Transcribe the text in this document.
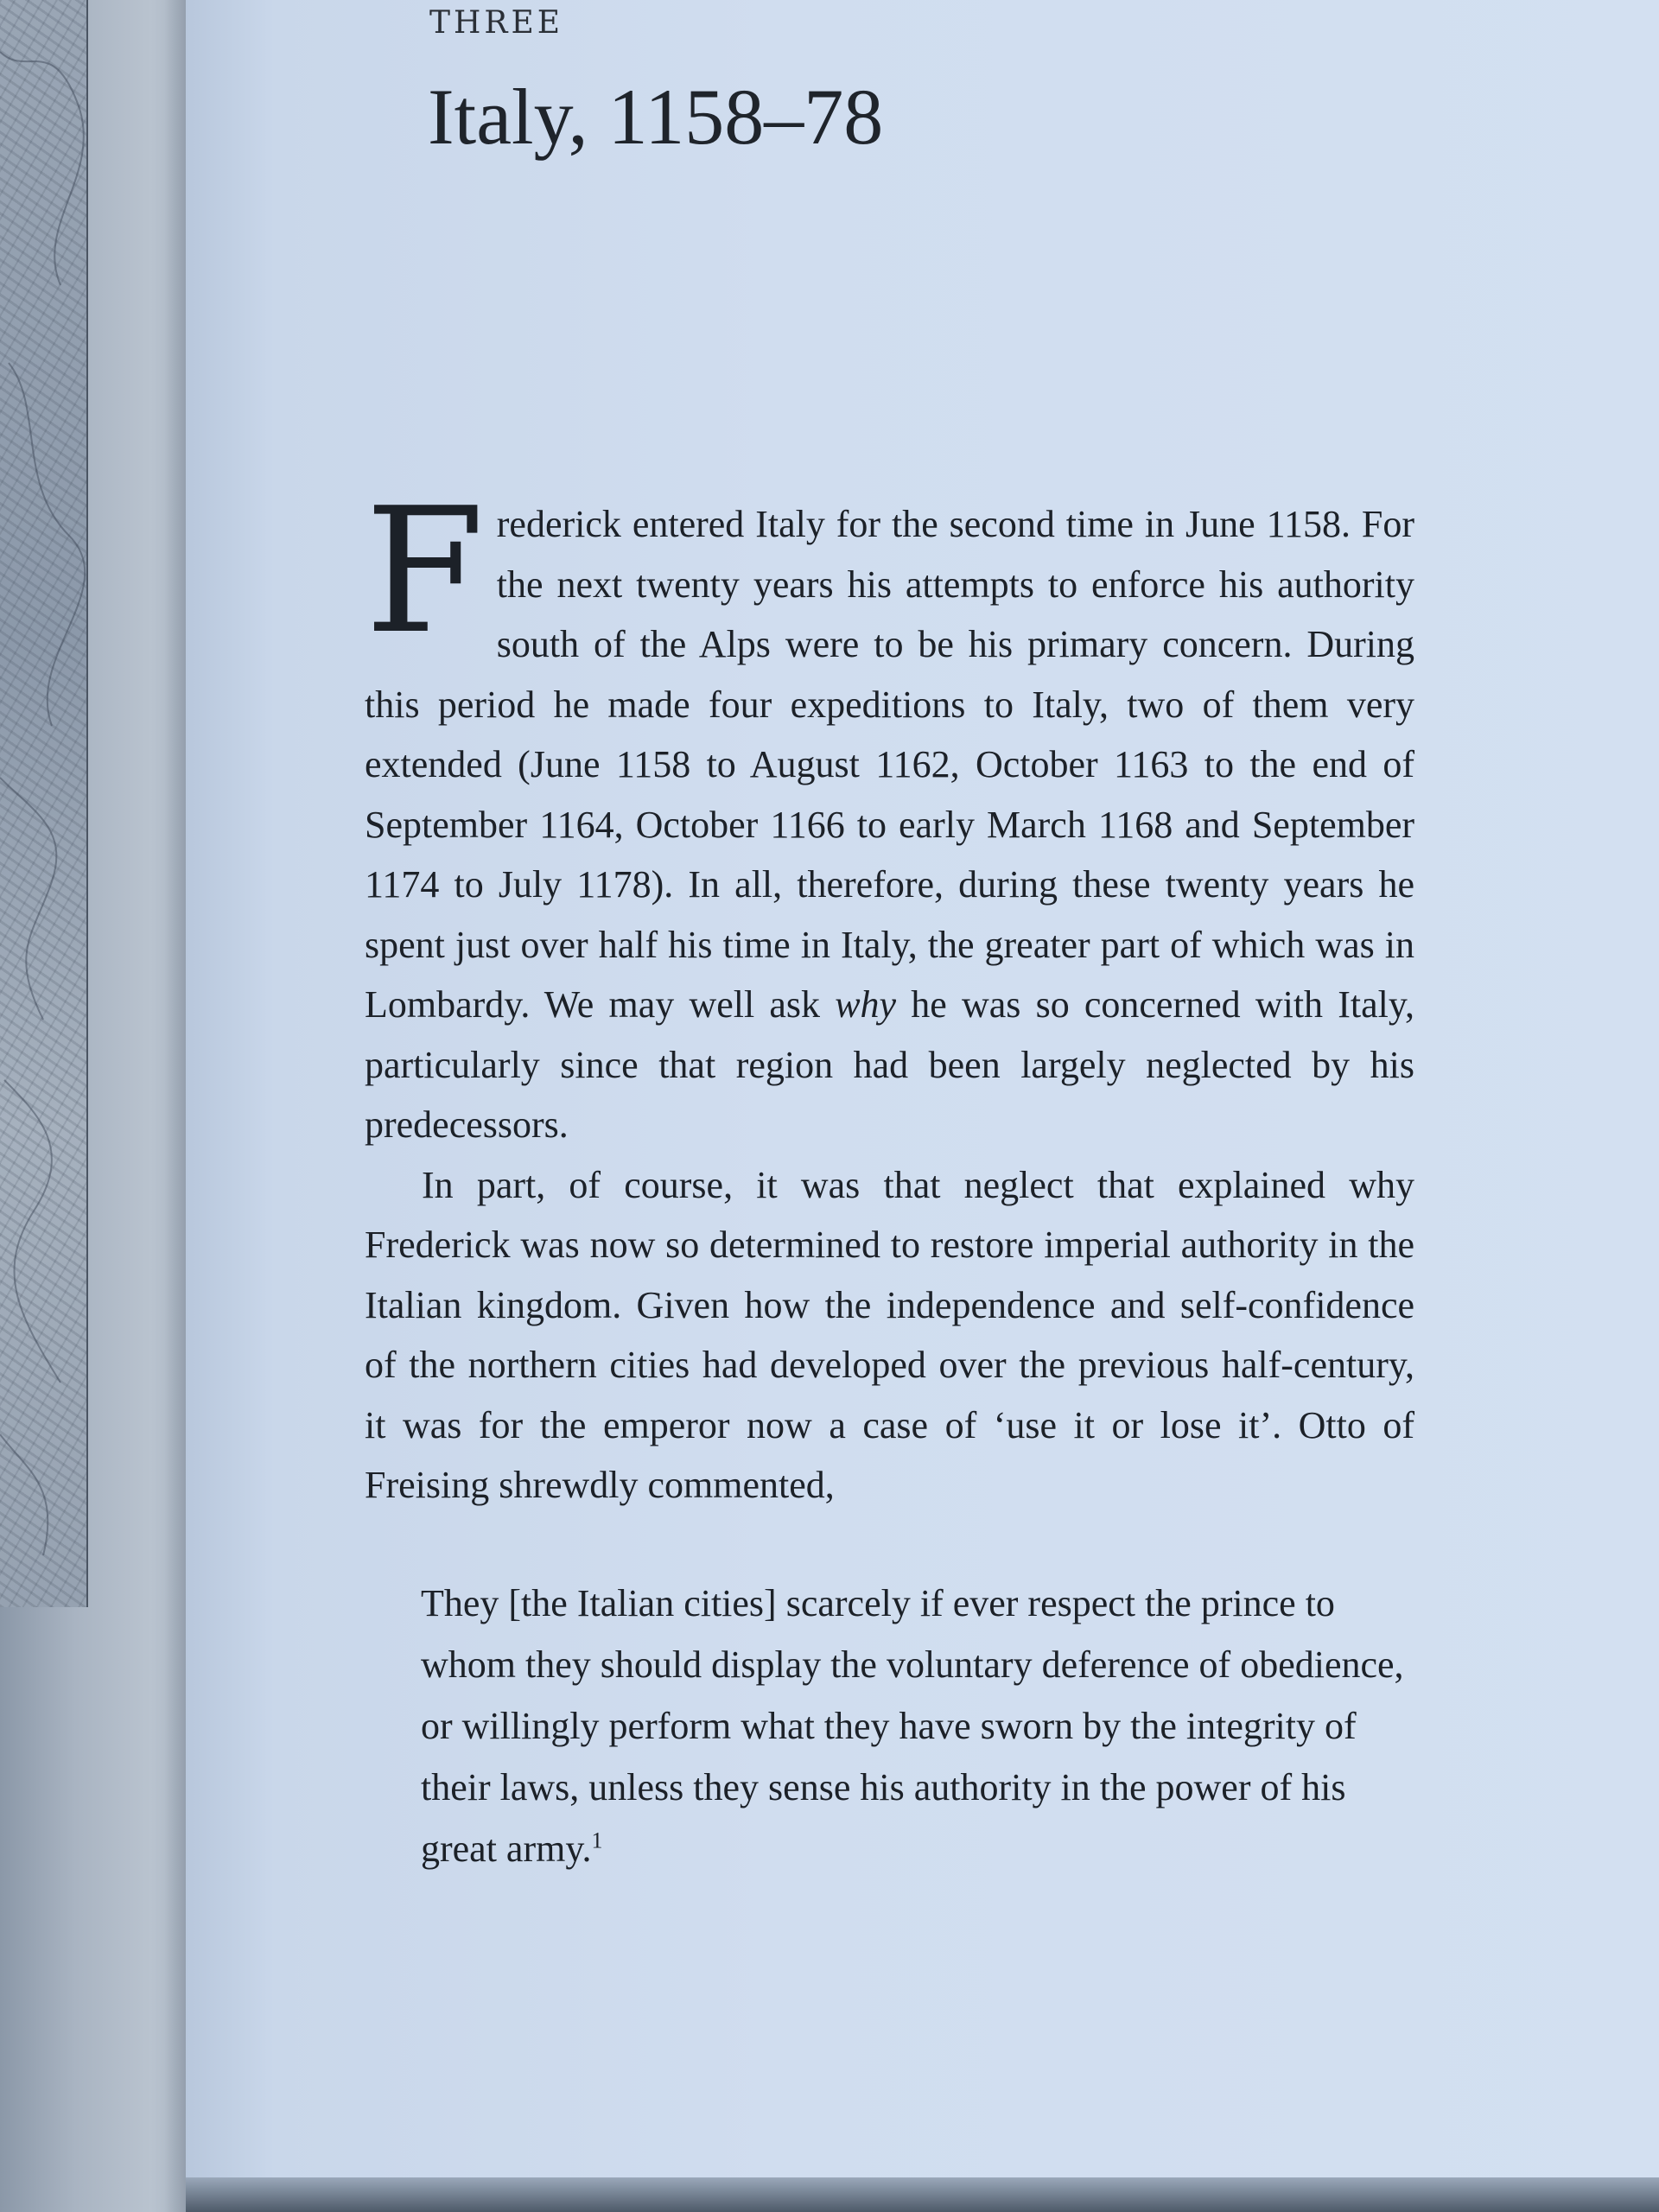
THREE
Italy, 1158–78

Frederick entered Italy for the second time in June 1158. For the next twenty years his attempts to enforce his authority south of the Alps were to be his primary concern. During this period he made four expeditions to Italy, two of them very extended (June 1158 to August 1162, October 1163 to the end of September 1164, October 1166 to early March 1168 and September 1174 to July 1178). In all, therefore, during these twenty years he spent just over half his time in Italy, the greater part of which was in Lombardy. We may well ask why he was so concerned with Italy, particularly since that region had been largely neglected by his predecessors.

In part, of course, it was that neglect that explained why Frederick was now so determined to restore imperial authority in the Italian kingdom. Given how the independence and self-confidence of the northern cities had developed over the previous half-century, it was for the emperor now a case of ‘use it or lose it’. Otto of Freising shrewdly commented,

They [the Italian cities] scarcely if ever respect the prince to whom they should display the voluntary deference of obedience, or willingly perform what they have sworn by the integrity of their laws, unless they sense his authority in the power of his great army.$^1$
